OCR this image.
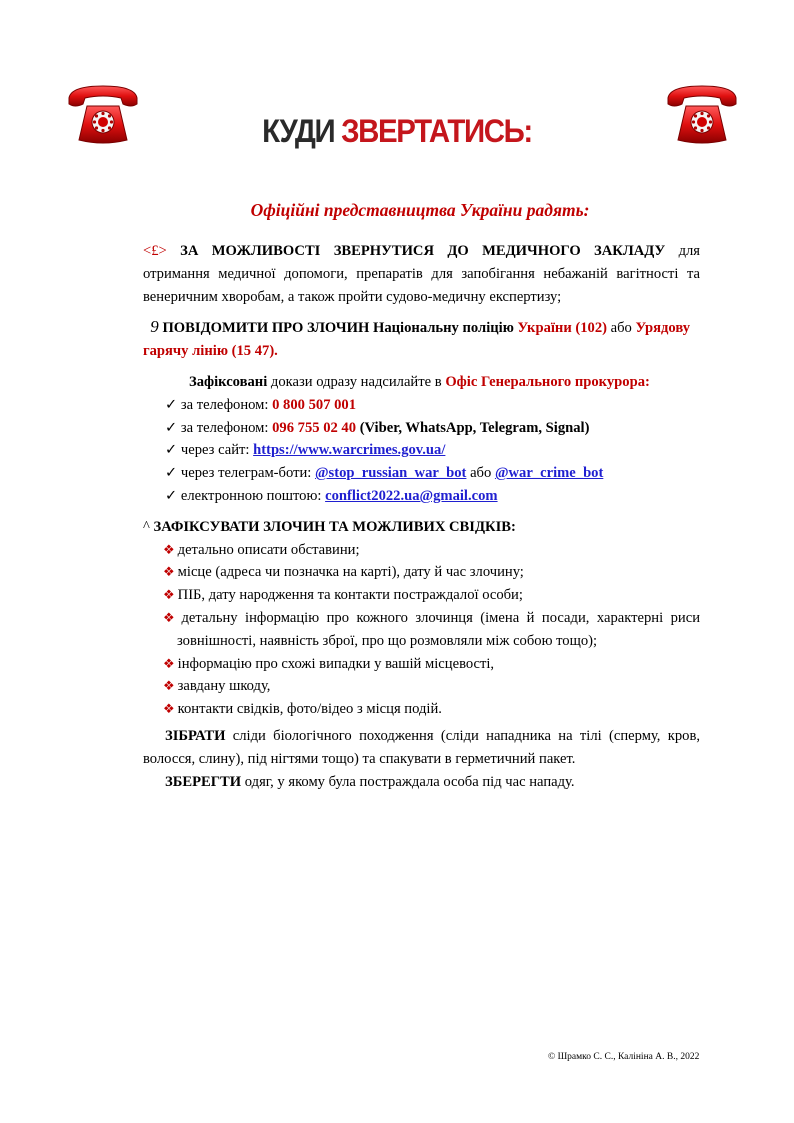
КУДИ ЗВЕРТАТИСЬ:
Офіційні представництва України радять:

<£> ЗА МОЖЛИВОСТІ ЗВЕРНУТИСЯ ДО МЕДИЧНОГО ЗАКЛАДУ для отримання медичної допомоги, препаратів для запобігання небажаній вагітності та венеричним хворобам, а також пройти судово-медичну експертизу;

9 ПОВІДОМИТИ ПРО ЗЛОЧИН Національну поліцію України (102) або Урядову гарячу лінію (15 47).

Зафіксовані докази одразу надсилайте в Офіс Генерального прокурора:

✓ за телефоном: 0 800 507 001
✓ за телефоном: 096 755 02 40 (Viber, WhatsApp, Telegram, Signal)
✓ через сайт: https://www.warcrimes.gov.ua/
✓ через телеграм-боти: @stop_russian_war_bot або @war_crime_bot
✓ електронною поштою: conflict2022.ua@gmail.com

^ ЗАФІКСУВАТИ ЗЛОЧИН ТА МОЖЛИВИХ СВІДКІВ:

❖ детально описати обставини;
❖ місце (адреса чи позначка на карті), дату й час злочину;
❖ ПІБ, дату народження та контакти постраждалої особи;
❖ детальну інформацію про кожного злочинця (імена й посади, характерні риси зовнішності, наявність зброї, про що розмовляли між собою тощо);
❖ інформацію про схожі випадки у вашій місцевості,
❖ завдану шкоду,
❖ контакти свідків, фото/відео з місця подій.

ЗІБРАТИ сліди біологічного походження (сліди нападника на тілі (сперму, кров, волосся, слину), під нігтями тощо) та спакувати в герметичний пакет.

ЗБЕРЕГТИ одяг, у якому була постраждала особа під час нападу.

© Шрамко С. С., Калініна А. В., 2022
